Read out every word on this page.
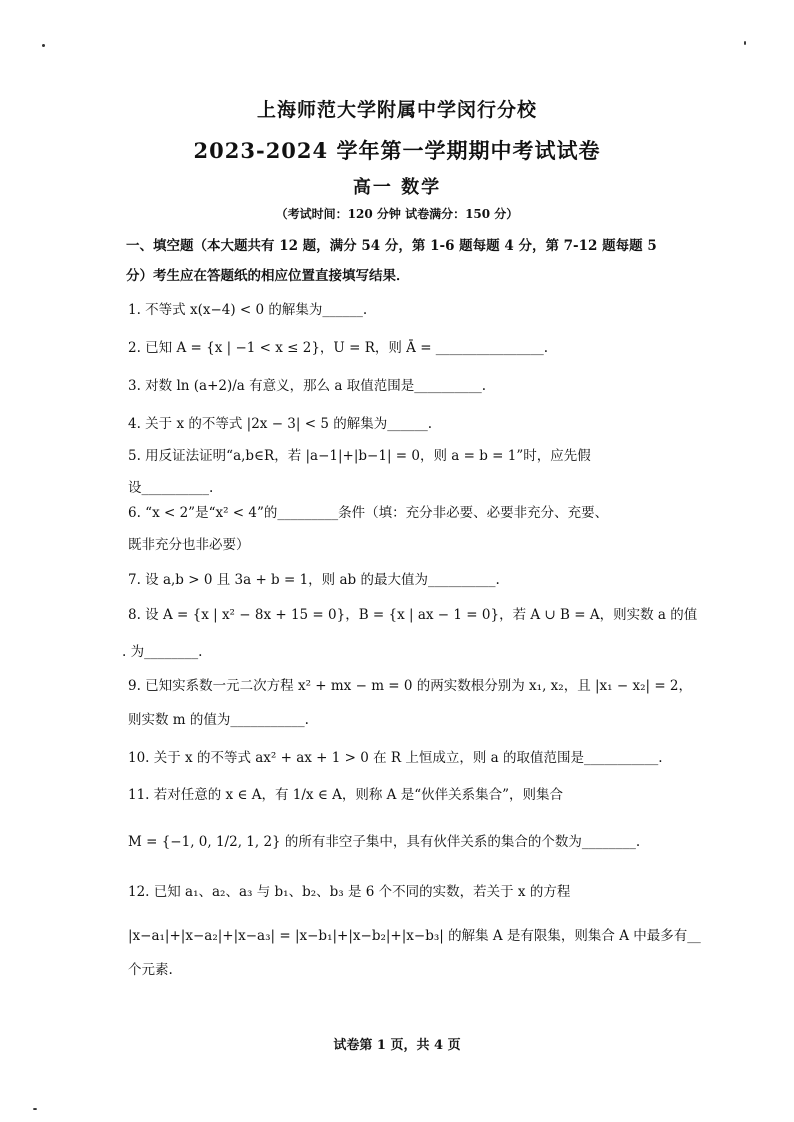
上海师范大学附属中学闵行分校
2023-2024 学年第一学期期中考试试卷
高一 数学
（考试时间：120 分钟 试卷满分：150 分）
一、填空题（本大题共有 12 题，满分 54 分，第 1-6 题每题 4 分，第 7-12 题每题 5
分）考生应在答题纸的相应位置直接填写结果．
1. 不等式 x(x−4) < 0 的解集为______.
2. 已知 A = {x | −1 < x ≤ 2}，U = R，则 Ā = ________________.
3. 对数 ln (a+2)/a 有意义，那么 a 取值范围是__________.
4. 关于 x 的不等式 |2x − 3| < 5 的解集为______.
5. 用反证法证明“a,b∈R，若 |a−1|+|b−1| = 0，则 a = b = 1”时，应先假
设__________.
6. “x < 2”是“x² < 4”的_________条件（填：充分非必要、必要非充分、充要、
既非充分也非必要）
7. 设 a,b > 0 且 3a + b = 1，则 ab 的最大值为__________.
8. 设 A = {x | x² − 8x + 15 = 0}，B = {x | ax − 1 = 0}，若 A ∪ B = A，则实数 a 的值
. 为________.
9. 已知实系数一元二次方程 x² + mx − m = 0 的两实数根分别为 x₁, x₂，且 |x₁ − x₂| = 2，
则实数 m 的值为___________.
10. 关于 x 的不等式 ax² + ax + 1 > 0 在 R 上恒成立，则 a 的取值范围是___________.
11. 若对任意的 x ∈ A，有 1/x ∈ A，则称 A 是“伙伴关系集合”，则集合
M = {−1, 0, 1/2, 1, 2} 的所有非空子集中，具有伙伴关系的集合的个数为________.
12. 已知 a₁、a₂、a₃ 与 b₁、b₂、b₃ 是 6 个不同的实数，若关于 x 的方程
|x−a₁|+|x−a₂|+|x−a₃| = |x−b₁|+|x−b₂|+|x−b₃| 的解集 A 是有限集，则集合 A 中最多有__
个元素.
试卷第 1 页，共 4 页
